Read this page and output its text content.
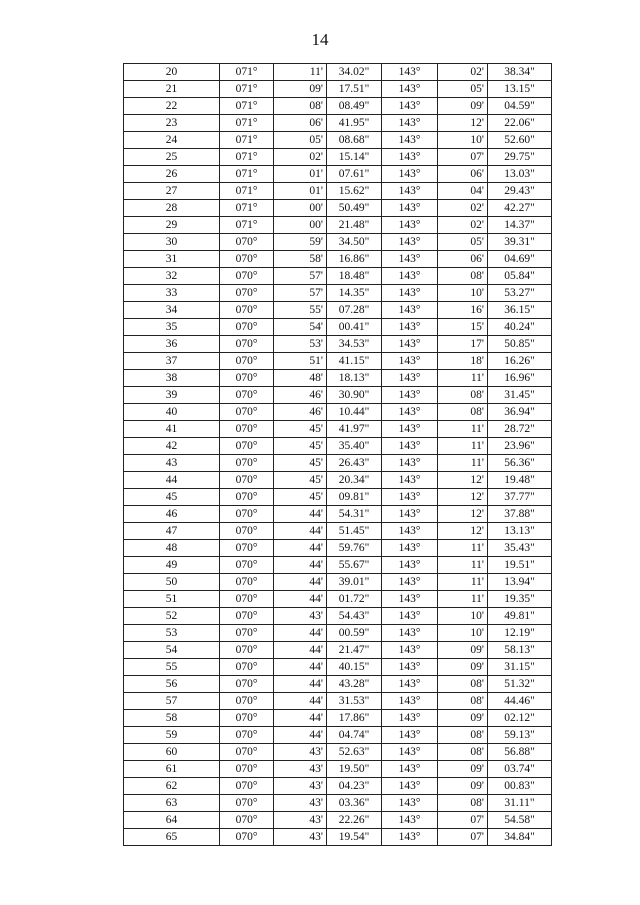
14
20	071°	11'	34.02"	143°	02'	38.34"
21	071°	09'	17.51"	143°	05'	13.15"
22	071°	08'	08.49"	143°	09'	04.59"
23	071°	06'	41.95"	143°	12'	22.06"
24	071°	05'	08.68"	143°	10'	52.60"
25	071°	02'	15.14"	143°	07'	29.75"
26	071°	01'	07.61"	143°	06'	13.03"
27	071°	01'	15.62"	143°	04'	29.43"
28	071°	00'	50.49"	143°	02'	42.27"
29	071°	00'	21.48"	143°	02'	14.37"
30	070°	59'	34.50"	143°	05'	39.31"
31	070°	58'	16.86"	143°	06'	04.69"
32	070°	57'	18.48"	143°	08'	05.84"
33	070°	57'	14.35"	143°	10'	53.27"
34	070°	55'	07.28"	143°	16'	36.15"
35	070°	54'	00.41"	143°	15'	40.24"
36	070°	53'	34.53"	143°	17'	50.85"
37	070°	51'	41.15"	143°	18'	16.26"
38	070°	48'	18.13"	143°	11'	16.96"
39	070°	46'	30.90"	143°	08'	31.45"
40	070°	46'	10.44"	143°	08'	36.94"
41	070°	45'	41.97"	143°	11'	28.72"
42	070°	45'	35.40"	143°	11'	23.96"
43	070°	45'	26.43"	143°	11'	56.36"
44	070°	45'	20.34"	143°	12'	19.48"
45	070°	45'	09.81"	143°	12'	37.77"
46	070°	44'	54.31"	143°	12'	37.88"
47	070°	44'	51.45"	143°	12'	13.13"
48	070°	44'	59.76"	143°	11'	35.43"
49	070°	44'	55.67"	143°	11'	19.51"
50	070°	44'	39.01"	143°	11'	13.94"
51	070°	44'	01.72"	143°	11'	19.35"
52	070°	43'	54.43"	143°	10'	49.81"
53	070°	44'	00.59"	143°	10'	12.19"
54	070°	44'	21.47"	143°	09'	58.13"
55	070°	44'	40.15"	143°	09'	31.15"
56	070°	44'	43.28"	143°	08'	51.32"
57	070°	44'	31.53"	143°	08'	44.46"
58	070°	44'	17.86"	143°	09'	02.12"
59	070°	44'	04.74"	143°	08'	59.13"
60	070°	43'	52.63"	143°	08'	56.88"
61	070°	43'	19.50"	143°	09'	03.74"
62	070°	43'	04.23"	143°	09'	00.83"
63	070°	43'	03.36"	143°	08'	31.11"
64	070°	43'	22.26"	143°	07'	54.58"
65	070°	43'	19.54"	143°	07'	34.84"
